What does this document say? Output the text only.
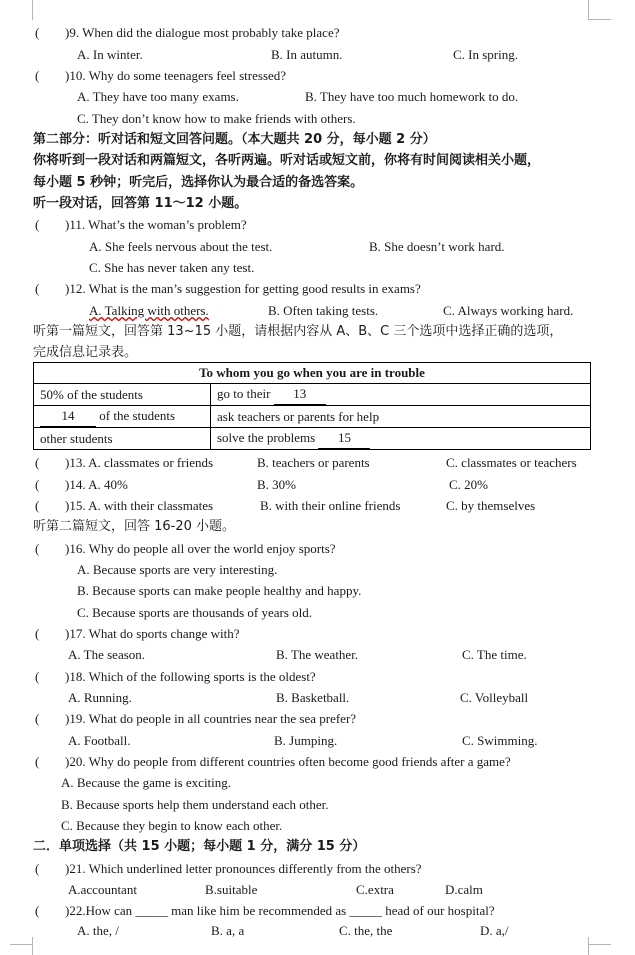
( )9. When did the dialogue most probably take place?
A. In winter.	B. In autumn.	C. In spring.
( )10. Why do some teenagers feel stressed?
A. They have too many exams.	B. They have too much homework to do.
C. They don’t know how to make friends with others.
第二部分：听对话和短文回答问题。（本大题共 20 分，每小题 2 分）
你将听到一段对话和两篇短文，各听两遍。听对话或短文前，你将有时间阅读相关小题，
每小题 5 秒钟；听完后，选择你认为最合适的备选答案。
听一段对话，回答第 11～12 小题。
( )11. What’s the woman’s problem?
A. She feels nervous about the test.	B. She doesn’t work hard.
C. She has never taken any test.
( )12. What is the man’s suggestion for getting good results in exams?
A. Talking with others.	B. Often taking tests.	C. Always working hard.
听第一篇短文，回答第 13~15 小题，请根据内容从 A、B、C 三个选项中选择正确的选项，
完成信息记录表。
To whom you go when you are in trouble	
50% of the students	go to their 13
14 of the students	ask teachers or parents for help
other students	solve the problems 15
( )13. A. classmates or friends	B. teachers or parents	C. classmates or teachers
( )14. A. 40%	B. 30%	C. 20%
( )15. A. with their classmates	B. with their online friends	C. by themselves
听第二篇短文，回答 16-20 小题。
( )16. Why do people all over the world enjoy sports?
A. Because sports are very interesting.
B. Because sports can make people healthy and happy.
C. Because sports are thousands of years old.
( )17. What do sports change with?
A. The season.	B. The weather.	C. The time.
( )18. Which of the following sports is the oldest?
A. Running.	B. Basketball.	C. Volleyball
( )19. What do people in all countries near the sea prefer?
A. Football.	B. Jumping.	C. Swimming.
( )20. Why do people from different countries often become good friends after a game?
A. Because the game is exciting.
B. Because sports help them understand each other.
C. Because they begin to know each other.
二．单项选择（共 15 小题；每小题 1 分，满分 15 分）
( )21. Which underlined letter pronounces differently from the others?
A.accountant	B.suitable	C.extra	D.calm
( )22.How can _____ man like him be recommended as _____ head of our hospital?
A. the, /	B. a, a	C. the, the	D. a,/
